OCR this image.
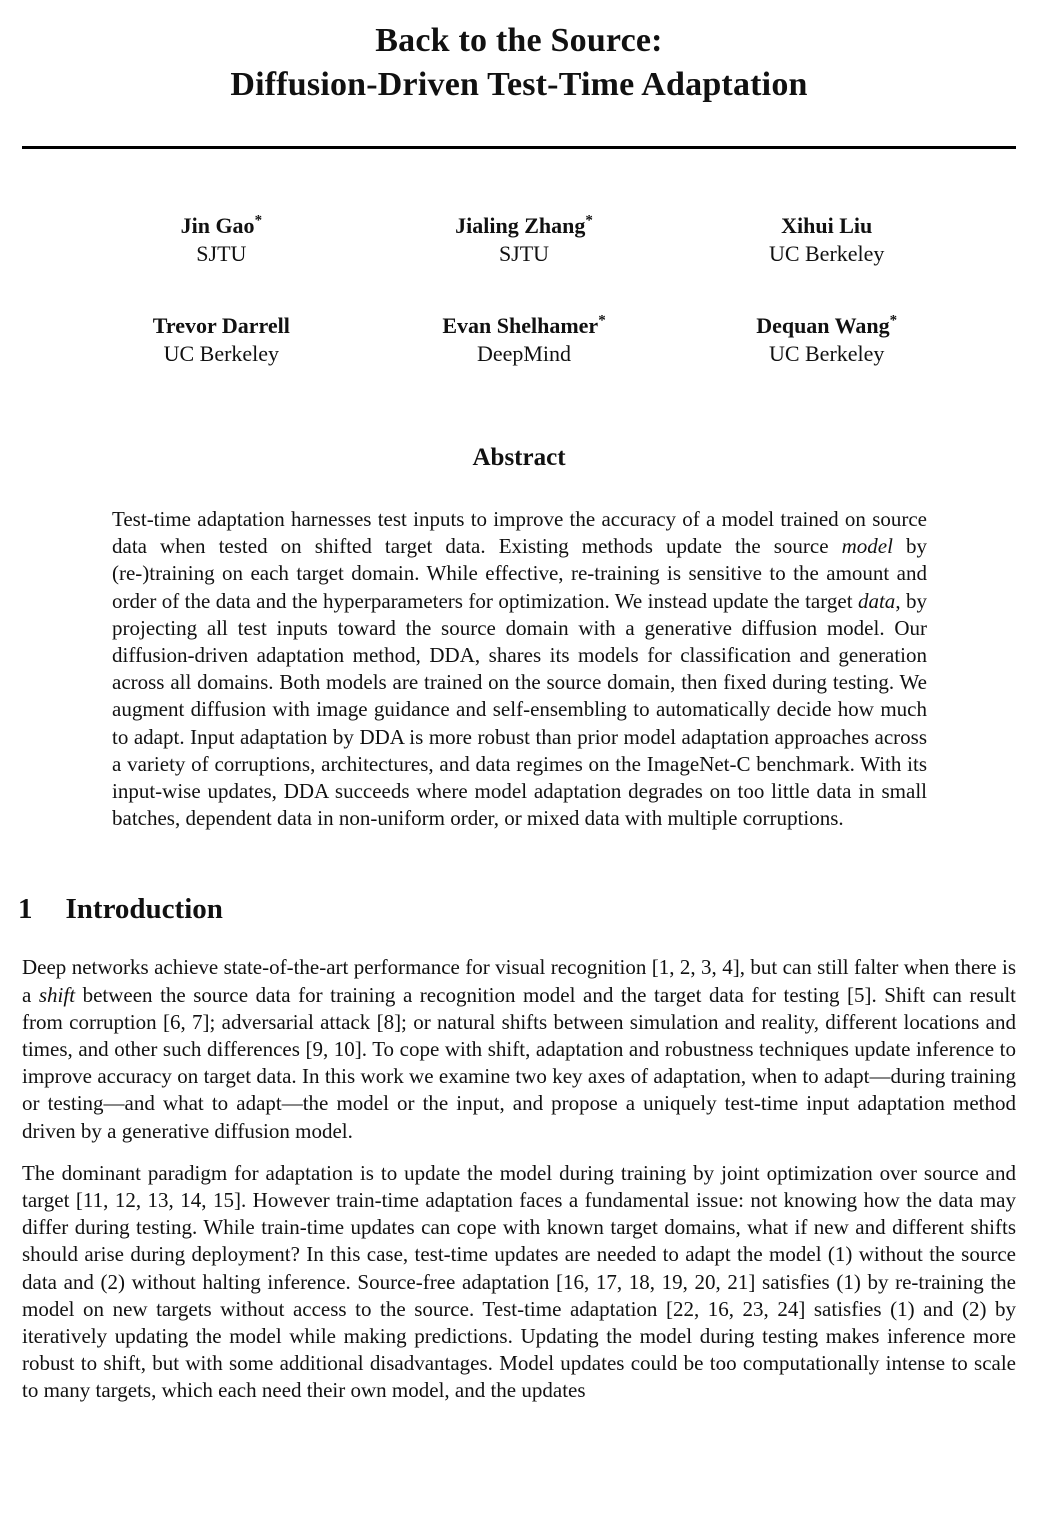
Back to the Source:
Diffusion-Driven Test-Time Adaptation
Jin Gao*
SJTU
Jialing Zhang*
SJTU
Xihui Liu
UC Berkeley
Trevor Darrell
UC Berkeley
Evan Shelhamer*
DeepMind
Dequan Wang*
UC Berkeley
Abstract

Test-time adaptation harnesses test inputs to improve the accuracy of a model trained on source data when tested on shifted target data. Existing methods update the source model by (re-)training on each target domain. While effective, re-training is sensitive to the amount and order of the data and the hyperparameters for optimization. We instead update the target data, by projecting all test inputs toward the source domain with a generative diffusion model. Our diffusion-driven adaptation method, DDA, shares its models for classification and generation across all domains. Both models are trained on the source domain, then fixed during testing. We augment diffusion with image guidance and self-ensembling to automatically decide how much to adapt. Input adaptation by DDA is more robust than prior model adaptation approaches across a variety of corruptions, architectures, and data regimes on the ImageNet-C benchmark. With its input-wise updates, DDA succeeds where model adaptation degrades on too little data in small batches, dependent data in non-uniform order, or mixed data with multiple corruptions.

1 Introduction

Deep networks achieve state-of-the-art performance for visual recognition [1, 2, 3, 4], but can still falter when there is a shift between the source data for training a recognition model and the target data for testing [5]. Shift can result from corruption [6, 7]; adversarial attack [8]; or natural shifts between simulation and reality, different locations and times, and other such differences [9, 10]. To cope with shift, adaptation and robustness techniques update inference to improve accuracy on target data. In this work we examine two key axes of adaptation, when to adapt—during training or testing—and what to adapt—the model or the input, and propose a uniquely test-time input adaptation method driven by a generative diffusion model.

The dominant paradigm for adaptation is to update the model during training by joint optimization over source and target [11, 12, 13, 14, 15]. However train-time adaptation faces a fundamental issue: not knowing how the data may differ during testing. While train-time updates can cope with known target domains, what if new and different shifts should arise during deployment? In this case, test-time updates are needed to adapt the model (1) without the source data and (2) without halting inference. Source-free adaptation [16, 17, 18, 19, 20, 21] satisfies (1) by re-training the model on new targets without access to the source. Test-time adaptation [22, 16, 23, 24] satisfies (1) and (2) by iteratively updating the model while making predictions. Updating the model during testing makes inference more robust to shift, but with some additional disadvantages. Model updates could be too computationally intense to scale to many targets, which each need their own model, and the updates
